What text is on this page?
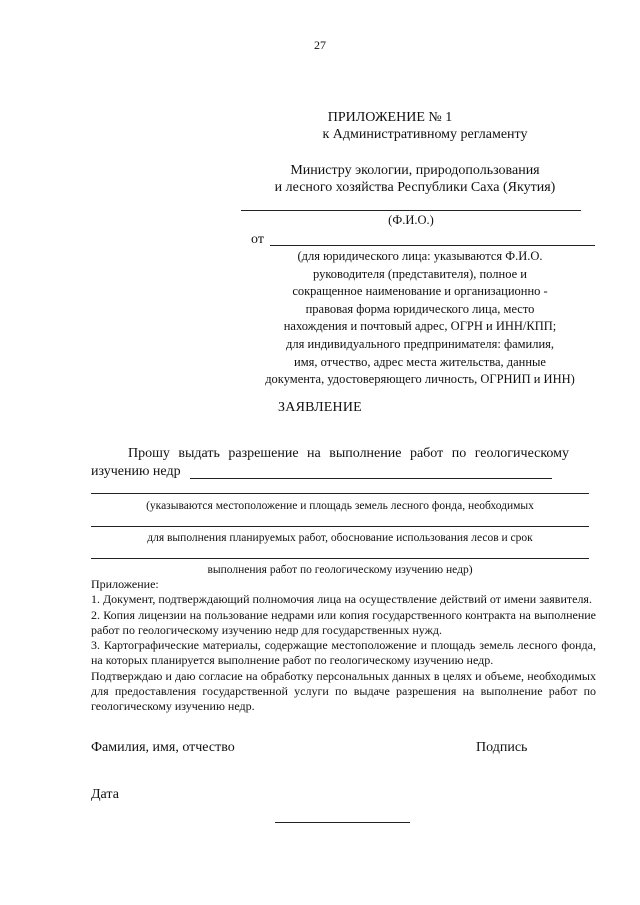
27
ПРИЛОЖЕНИЕ № 1
к Административному регламенту
Министру экологии, природопользования
и лесного хозяйства Республики Саха (Якутия)
(Ф.И.О.)
от
(для юридического лица: указываются Ф.И.О.
руководителя (представителя), полное и
сокращенное наименование и организационно -
правовая форма юридического лица, место
нахождения и почтовый адрес, ОГРН и ИНН/КПП;
для индивидуального предпринимателя: фамилия,
имя, отчество, адрес места жительства, данные
документа, удостоверяющего личность, ОГРНИП и ИНН)
ЗАЯВЛЕНИЕ
Прошу выдать разрешение на выполнение работ по геологическому
изучению недр
(указываются местоположение и площадь земель лесного фонда, необходимых
для выполнения планируемых работ, обоснование использования лесов и срок
выполнения работ по геологическому изучению недр)

Приложение:

1. Документ, подтверждающий полномочия лица на осуществление действий от имени заявителя.

2. Копия лицензии на пользование недрами или копия государственного контракта на выполнение работ по геологическому изучению недр для государственных нужд.

3. Картографические материалы, содержащие местоположение и площадь земель лесного фонда, на которых планируется выполнение работ по геологическому изучению недр.

Подтверждаю и даю согласие на обработку персональных данных в целях и объеме, необходимых для предоставления государственной услуги по выдаче разрешения на выполнение работ по геологическому изучению недр.

Фамилия, имя, отчество	Подпись
Дата
